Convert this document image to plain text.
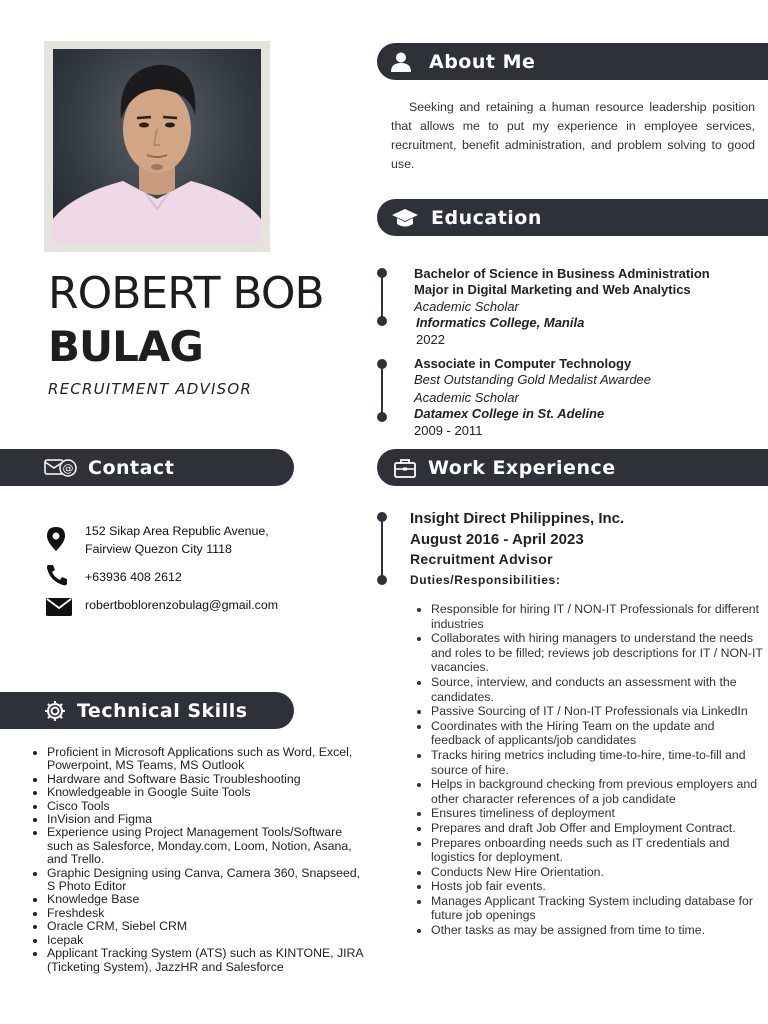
ROBERT BOB
BULAG
RECRUITMENT ADVISOR
About Me
Seeking and retaining a human resource leadership position that allows me to put my experience in employee services, recruitment, benefit administration, and problem solving to good use.
Education
Bachelor of Science in Business Administration
Major in Digital Marketing and Web Analytics
Academic Scholar
Informatics College, Manila
2022
Associate in Computer Technology
Best Outstanding Gold Medalist Awardee
Academic Scholar
Datamex College in St. Adeline
2009 - 2011
@ Contact
152 Sikap Area Republic Avenue,
Fairview Quezon City 1118
+63936 408 2612
robertboblorenzobulag@gmail.com
Work Experience
Insight Direct Philippines, Inc.
August 2016 - April 2023
Recruitment Advisor
Duties/Responsibilities:
• Responsible for hiring IT / NON-IT Professionals for different industries
• Collaborates with hiring managers to understand the needs and roles to be filled; reviews job descriptions for IT / NON-IT vacancies.
• Source, interview, and conducts an assessment with the candidates.
• Passive Sourcing of IT / Non-IT Professionals via LinkedIn
• Coordinates with the Hiring Team on the update and feedback of applicants/job candidates
• Tracks hiring metrics including time-to-hire, time-to-fill and source of hire.
• Helps in background checking from previous employers and other character references of a job candidate
• Ensures timeliness of deployment
• Prepares and draft Job Offer and Employment Contract.
• Prepares onboarding needs such as IT credentials and logistics for deployment.
• Conducts New Hire Orientation.
• Hosts job fair events.
• Manages Applicant Tracking System including database for future job openings
• Other tasks as may be assigned from time to time.
Technical Skills
• Proficient in Microsoft Applications such as Word, Excel, Powerpoint, MS Teams, MS Outlook
• Hardware and Software Basic Troubleshooting
• Knowledgeable in Google Suite Tools
• Cisco Tools
• InVision and Figma
• Experience using Project Management Tools/Software such as Salesforce, Monday.com, Loom, Notion, Asana, and Trello.
• Graphic Designing using Canva, Camera 360, Snapseed, S Photo Editor
• Knowledge Base
• Freshdesk
• Oracle CRM, Siebel CRM
• Icepak
• Applicant Tracking System (ATS) such as KINTONE, JIRA (Ticketing System), JazzHR and Salesforce
